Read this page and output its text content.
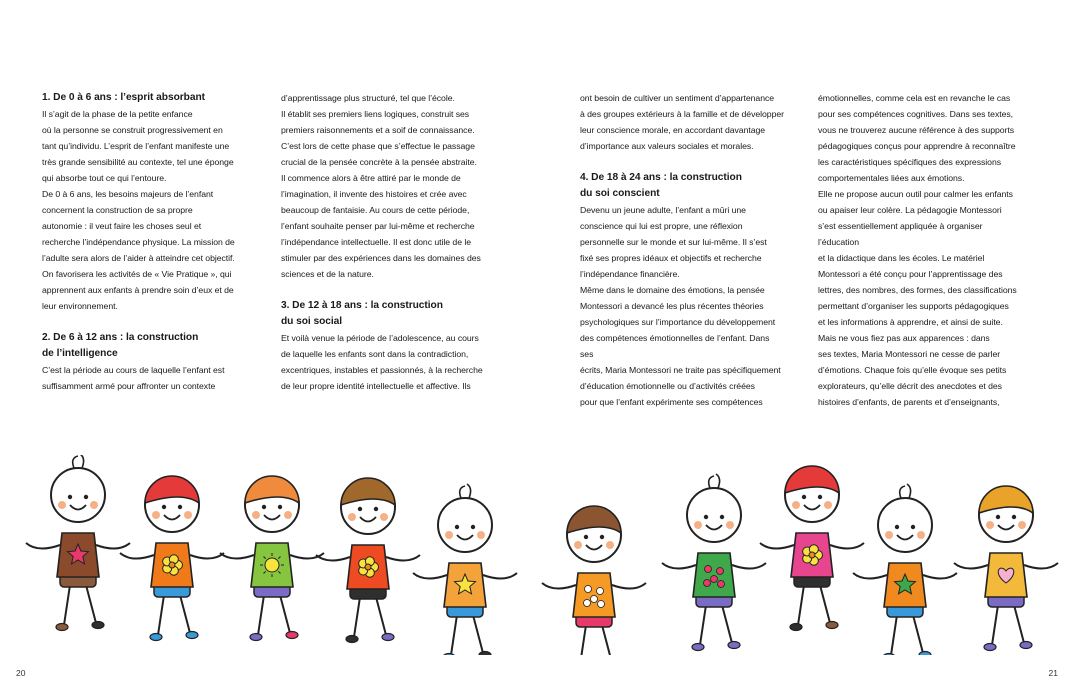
1. De 0 à 6 ans : l’esprit absorbant

Il s’agit de la phase de la petite enfance

où la personne se construit progressivement en

tant qu’individu. L’esprit de l’enfant manifeste une

très grande sensibilité au contexte, tel une éponge

qui absorbe tout ce qui l’entoure.

De 0 à 6 ans, les besoins majeurs de l’enfant

concernent la construction de sa propre

autonomie : il veut faire les choses seul et

recherche l’indépendance physique. La mission de

l’adulte sera alors de l’aider à atteindre cet objectif.

On favorisera les activités de « Vie Pratique », qui

apprennent aux enfants à prendre soin d’eux et de

leur environnement.

2. De 6 à 12 ans : la construction
de l’intelligence

C’est la période au cours de laquelle l’enfant est

suffisamment armé pour affronter un contexte

d’apprentissage plus structuré, tel que l’école.

Il établit ses premiers liens logiques, construit ses

premiers raisonnements et a soif de connaissance.

C’est lors de cette phase que s’effectue le passage

crucial de la pensée concrète à la pensée abstraite.

Il commence alors à être attiré par le monde de

l’imagination, il invente des histoires et crée avec

beaucoup de fantaisie. Au cours de cette période,

l’enfant souhaite penser par lui-même et recherche

l’indépendance intellectuelle. Il est donc utile de le

stimuler par des expériences dans les domaines des

sciences et de la nature.

3. De 12 à 18 ans : la construction
du soi social

Et voilà venue la période de l’adolescence, au cours

de laquelle les enfants sont dans la contradiction,

excentriques, instables et passionnés, à la recherche

de leur propre identité intellectuelle et affective. Ils

ont besoin de cultiver un sentiment d’appartenance

à des groupes extérieurs à la famille et de développer

leur conscience morale, en accordant davantage

d’importance aux valeurs sociales et morales.

4. De 18 à 24 ans : la construction
du soi conscient

Devenu un jeune adulte, l’enfant a mûri une

conscience qui lui est propre, une réflexion

personnelle sur le monde et sur lui-même. Il s’est

fixé ses propres idéaux et objectifs et recherche

l’indépendance financière.

Même dans le domaine des émotions, la pensée

Montessori a devancé les plus récentes théories

psychologiques sur l’importance du développement

des compétences émotionnelles de l’enfant. Dans ses

écrits, Maria Montessori ne traite pas spécifiquement

d’éducation émotionnelle ou d’activités créées

pour que l’enfant expérimente ses compétences

émotionnelles, comme cela est en revanche le cas

pour ses compétences cognitives. Dans ses textes,

vous ne trouverez aucune référence à des supports

pédagogiques conçus pour apprendre à reconnaître

les caractéristiques spécifiques des expressions

comportementales liées aux émotions.

Elle ne propose aucun outil pour calmer les enfants

ou apaiser leur colère. La pédagogie Montessori

s’est essentiellement appliquée à organiser l’éducation

et la didactique dans les écoles. Le matériel

Montessori a été conçu pour l’apprentissage des

lettres, des nombres, des formes, des classifications

permettant d’organiser les supports pédagogiques

et les informations à apprendre, et ainsi de suite.

Mais ne vous fiez pas aux apparences : dans

ses textes, Maria Montessori ne cesse de parler

d’émotions. Chaque fois qu’elle évoque ses petits

explorateurs, qu’elle décrit des anecdotes et des

histoires d’enfants, de parents et d’enseignants,

20	21
